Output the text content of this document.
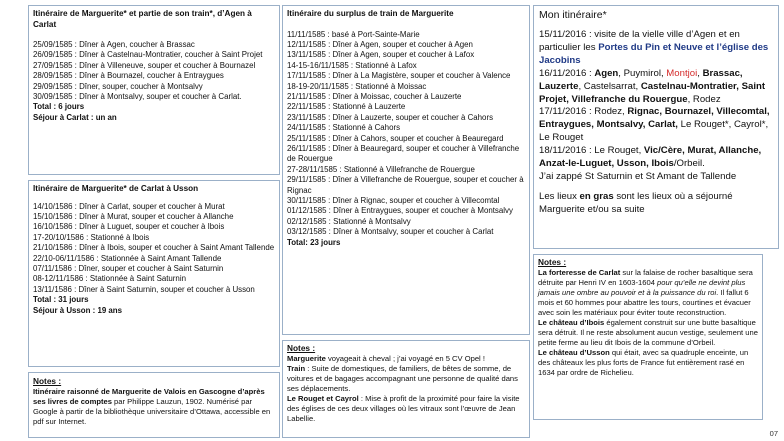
Itinéraire de Marguerite* et partie de son train*, d’Agen à Carlat
25/09/1585 : Dîner à Agen, coucher à Brassac
26/09/1585 : Dîner à Castelnau-Montratier, coucher à Saint Projet
27/09/1585 : Dîner à Villeneuve, souper et coucher à Bournazel
28/09/1585 : Dîner à Bournazel, coucher à Entraygues
29/09/1585 : Dîner, souper, coucher à Montsalvy
30/09/1585 : Dîner à Montsalvy, souper et coucher à Carlat.
Total : 6 jours
Séjour à Carlat : un an
Itinéraire de Marguerite* de Carlat à Usson
14/10/1586 : Dîner à Carlat, souper et coucher à Murat
15/10/1586 : Dîner à Murat, souper et coucher à Allanche
16/10/1586 : Dîner à Luguet, souper et coucher à Ibois
17-20/10/1586 : Stationné à Ibois
21/10/1586 : Dîner à Ibois, souper et coucher à Saint Amant Tallende
22/10-06/11/1586 : Stationnée à Saint Amant Tallende
07/11/1586 : Dîner, souper et coucher à Saint Saturnin
08-12/11/1586 : Stationnée à Saint Saturnin
13/11/1586 : Dîner à Saint Saturnin, souper et coucher à Usson
Total : 31 jours
Séjour à Usson : 19 ans
Notes :
Itinéraire raisonné de Marguerite de Valois en Gascogne d’après ses livres de comptes par Philippe Lauzun, 1902. Numérisé par Google à partir de la bibliothèque universitaire d’Ottawa, accessible en pdf sur Internet.
Itinéraire du surplus de train de Marguerite
11/11/1585 : basé à Port-Sainte-Marie
12/11/1585 : Dîner à Agen, souper et coucher à Agen
13/11/1585 : Dîner à Agen, souper et coucher à Lafox
14-15-16/11/1585 : Stationné à Lafox
17/11/1585 : Dîner à La Magistère, souper et coucher à Valence
18-19-20/11/1585 : Stationné à Moissac
21/11/1585 : Dîner à Moissac, coucher à Lauzerte
22/11/1585 : Stationné à Lauzerte
23/11/1585 : Dîner à Lauzerte, souper et coucher à Cahors
24/11/1585 : Stationné à Cahors
25/11/1585 : Dîner à Cahors, souper et coucher à Beauregard
26/11/1585 : Dîner à Beauregard, souper et coucher à Villefranche de Rouergue
27-28/11/1585 : Stationné à Villefranche de Rouergue
29/11/1585 : Dîner à Villefranche de Rouergue, souper et coucher à Rignac
30/11/1585 : Dîner à Rignac, souper et coucher à Villecomtal
01/12/1585 : Dîner à Entraygues, souper et coucher à Montsalvy
02/12/1585 : Stationné à Montsalvy
03/12/1585 : Dîner à Montsalvy, souper et coucher à Carlat
Total: 23 jours
Notes :
Marguerite voyageait à cheval ; j’ai voyagé en 5 CV Opel !
Train : Suite de domestiques, de familiers, de bêtes de somme, de voitures et de bagages accompagnant une personne de qualité dans ses déplacements.
Le Rouget et Cayrol : Mise à profit de la proximité pour faire la visite des églises de ces deux villages où les vitraux sont l’œuvre de Jean Labellie.
Mon itinéraire*
15/11/2016 : visite de la vielle ville d’Agen et en particulier les Portes du Pin et Neuve et l’église des Jacobins
16/11/2016 : Agen, Puymirol, Montjoi, Brassac, Lauzerte, Castelsarrat, Castelnau-Montratier, Saint Projet, Villefranche du Rouergue, Rodez
17/11/2016 : Rodez, Rignac, Bournazel, Villecomtal, Entraygues, Montsalvy, Carlat, Le Rouget*, Cayrol*, Le Rouget
18/11/2016 : Le Rouget, Vic/Cère, Murat, Allanche, Anzat-le-Luguet, Usson, Ibois/Orbeil.
J’ai zappé St Saturnin et St Amant de Tallende
Les lieux en gras sont les lieux où a séjourné Marguerite et/ou sa suite
Notes :
La forteresse de Carlat sur la falaise de rocher basaltique sera détruite par Henri IV en 1603-1604 pour qu’elle ne devint plus jamais une ombre au pouvoir et à la puissance du roi. Il fallut 6 mois et 60 hommes pour abattre les tours, courtines et évacuer avec soin les matériaux pour éviter toute reconstruction.
Le château d’Ibois également construit sur une butte basaltique sera détruit. Il ne reste absolument aucun vestige, seulement une petite ferme au lieu dit Ibois de la commune d’Orbeil.
Le château d’Usson qui était, avec sa quadruple enceinte, un des châteaux les plus forts de France fut entièrement rasé en 1634 par ordre de Richelieu.
07
